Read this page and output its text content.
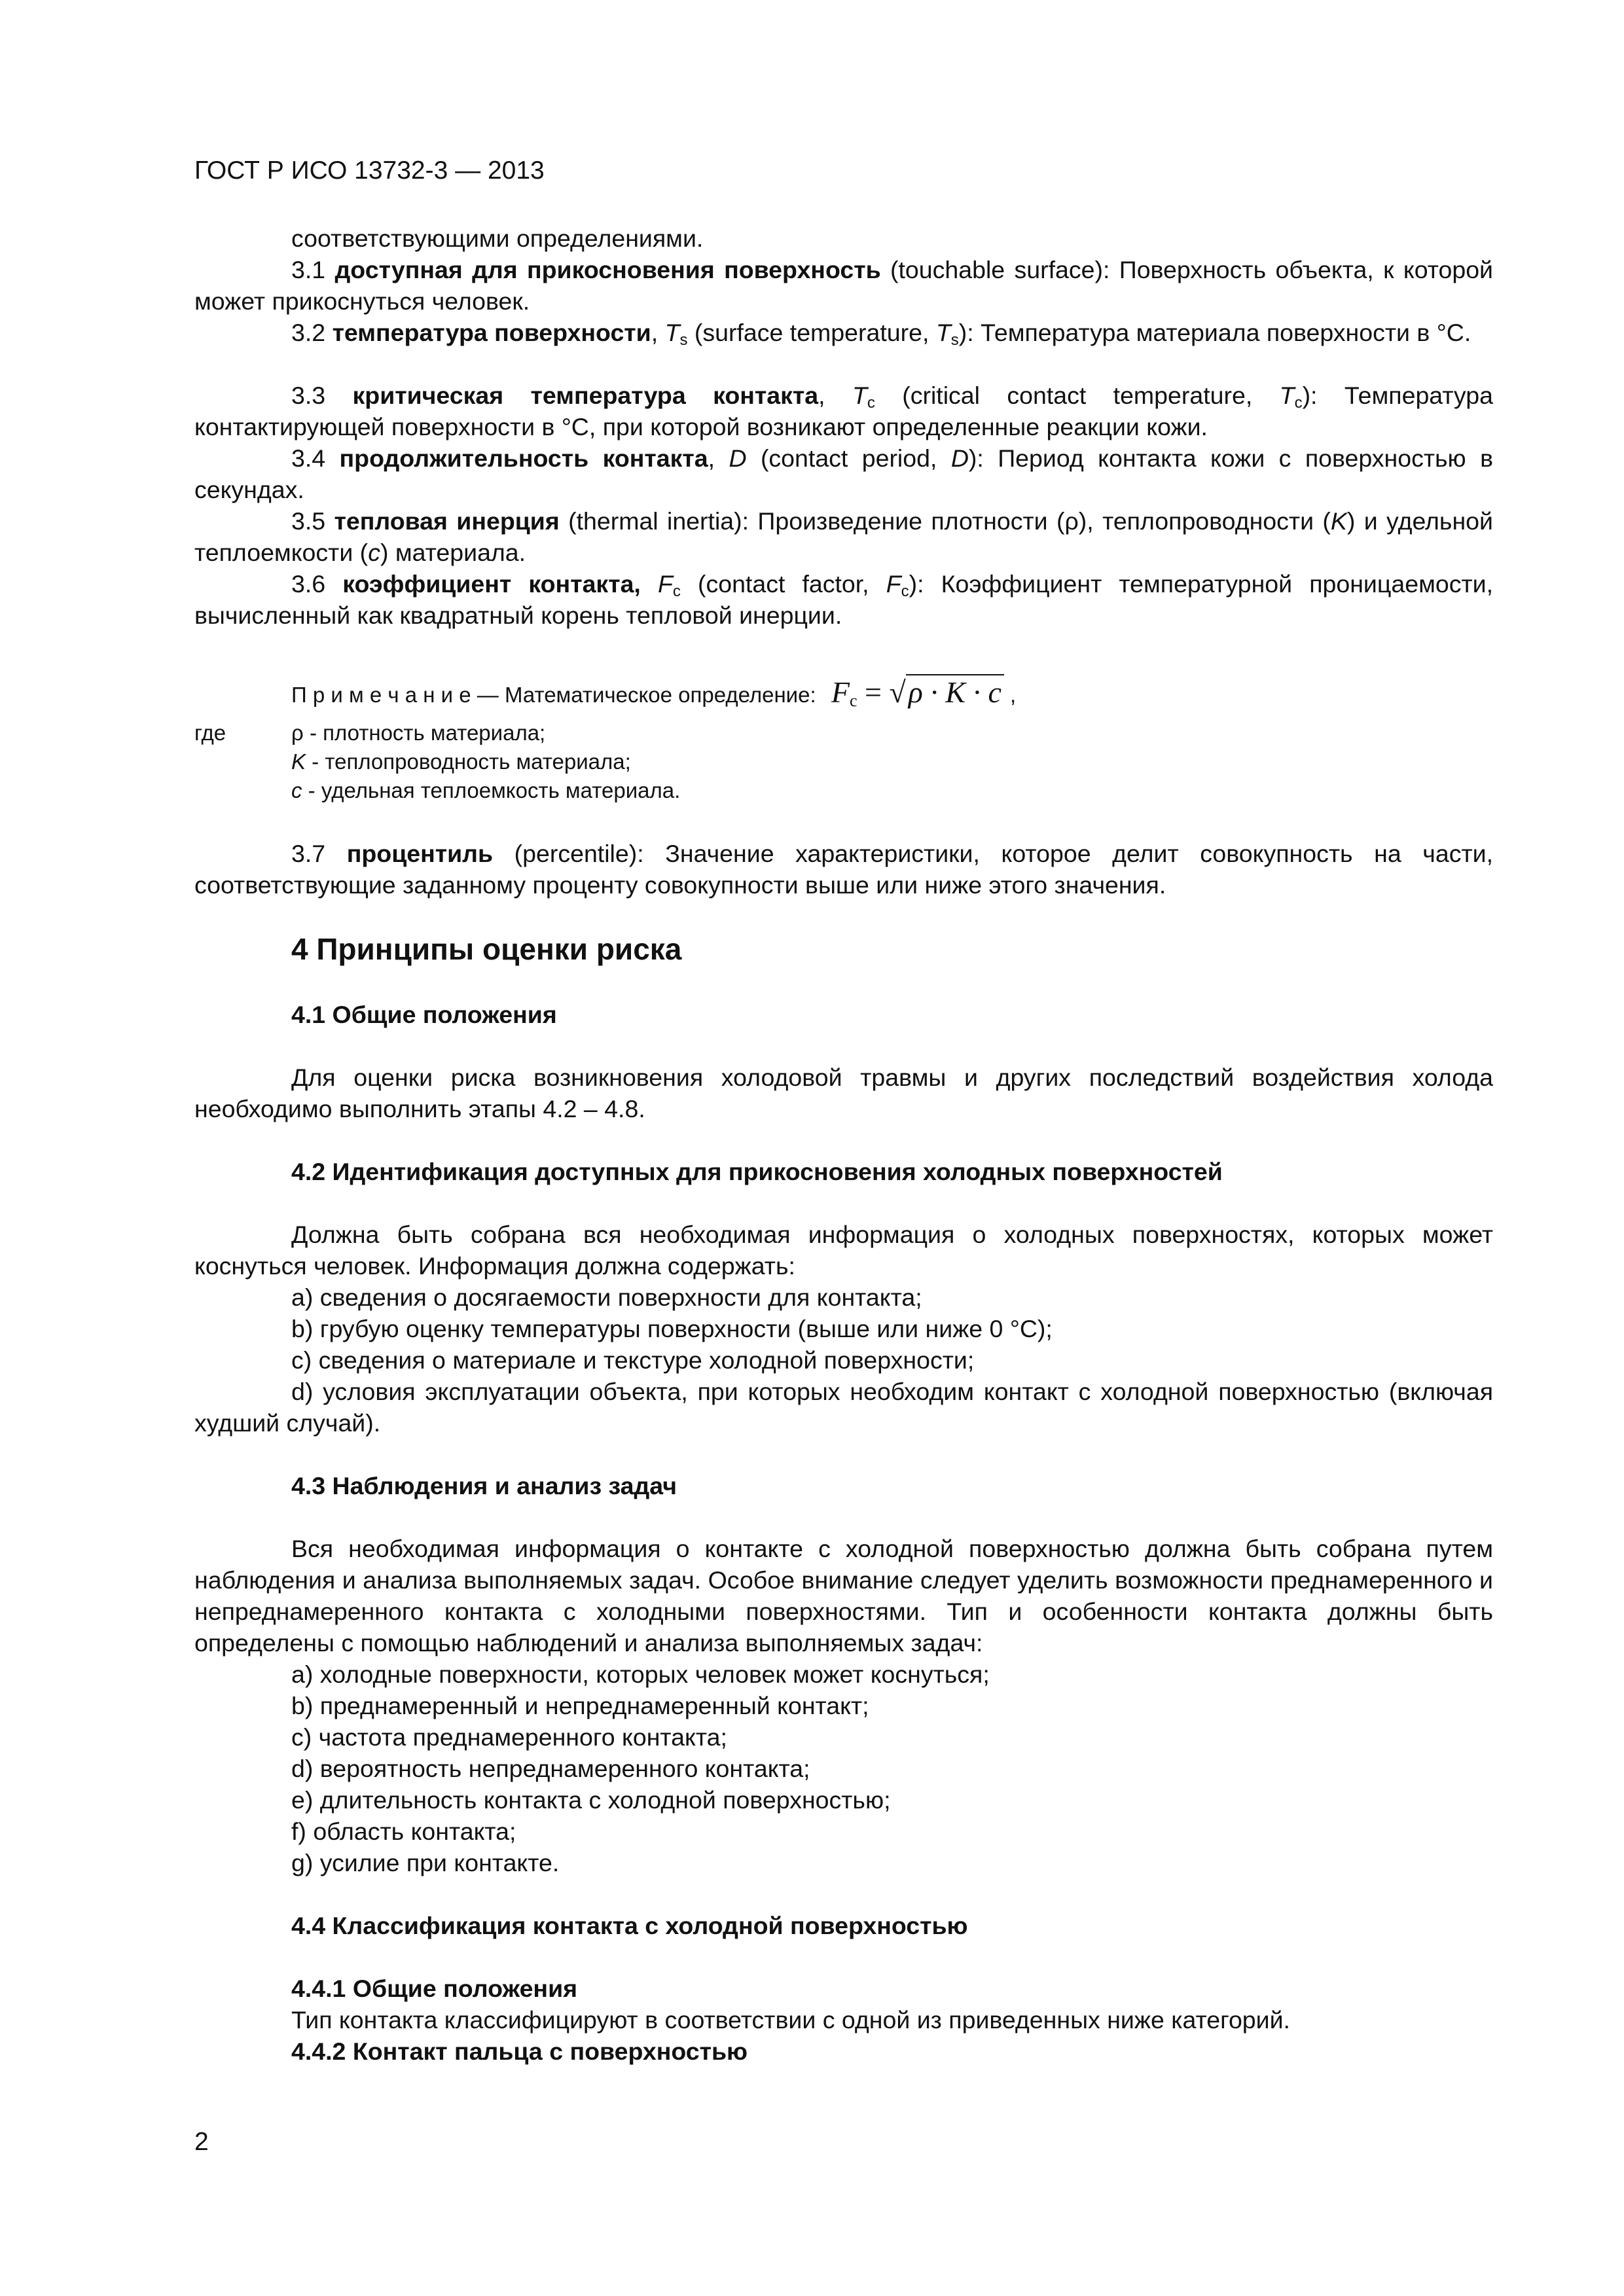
ГОСТ Р ИСО 13732-3 — 2013
соответствующими определениями.
3.1 доступная для прикосновения поверхность (touchable surface): Поверхность объекта, к которой может прикоснуться человек.
3.2 температура поверхности, $T_s$ (surface temperature, $T_s$): Температура материала поверхности в °C.
3.3 критическая температура контакта, $T_c$ (critical contact temperature, $T_c$): Температура контактирующей поверхности в °C, при которой возникают определенные реакции кожи.
3.4 продолжительность контакта, D (contact period, D): Период контакта кожи с поверхностью в секундах.
3.5 тепловая инерция (thermal inertia): Произведение плотности (ρ), теплопроводности (K) и удельной теплоемкости (c) материала.
3.6 коэффициент контакта, $F_c$ (contact factor, $F_c$): Коэффициент температурной проницаемости, вычисленный как квадратный корень тепловой инерции.
П р и м е ч а н и е — Математическое определение: $F_c = √\rho \cdot K \cdot c$ ,
где	ρ - плотность материала;
K - теплопроводность материала;
c - удельная теплоемкость материала.
3.7 процентиль (percentile): Значение характеристики, которое делит совокупность на части, соответствующие заданному проценту совокупности выше или ниже этого значения.
4 Принципы оценки риска
4.1 Общие положения
Для оценки риска возникновения холодовой травмы и других последствий воздействия холода необходимо выполнить этапы 4.2 – 4.8.
4.2 Идентификация доступных для прикосновения холодных поверхностей
Должна быть собрана вся необходимая информация о холодных поверхностях, которых может коснуться человек. Информация должна содержать:
a) сведения о досягаемости поверхности для контакта;
b) грубую оценку температуры поверхности (выше или ниже 0 °C);
c) сведения о материале и текстуре холодной поверхности;
d) условия эксплуатации объекта, при которых необходим контакт с холодной поверхностью (включая худший случай).
4.3 Наблюдения и анализ задач
Вся необходимая информация о контакте с холодной поверхностью должна быть собрана путем наблюдения и анализа выполняемых задач. Особое внимание следует уделить возможности преднамеренного и непреднамеренного контакта с холодными поверхностями. Тип и особенности контакта должны быть определены с помощью наблюдений и анализа выполняемых задач:
a) холодные поверхности, которых человек может коснуться;
b) преднамеренный и непреднамеренный контакт;
c) частота преднамеренного контакта;
d) вероятность непреднамеренного контакта;
e) длительность контакта с холодной поверхностью;
f) область контакта;
g) усилие при контакте.
4.4 Классификация контакта с холодной поверхностью
4.4.1 Общие положения
Тип контакта классифицируют в соответствии с одной из приведенных ниже категорий.
4.4.2 Контакт пальца с поверхностью
2
